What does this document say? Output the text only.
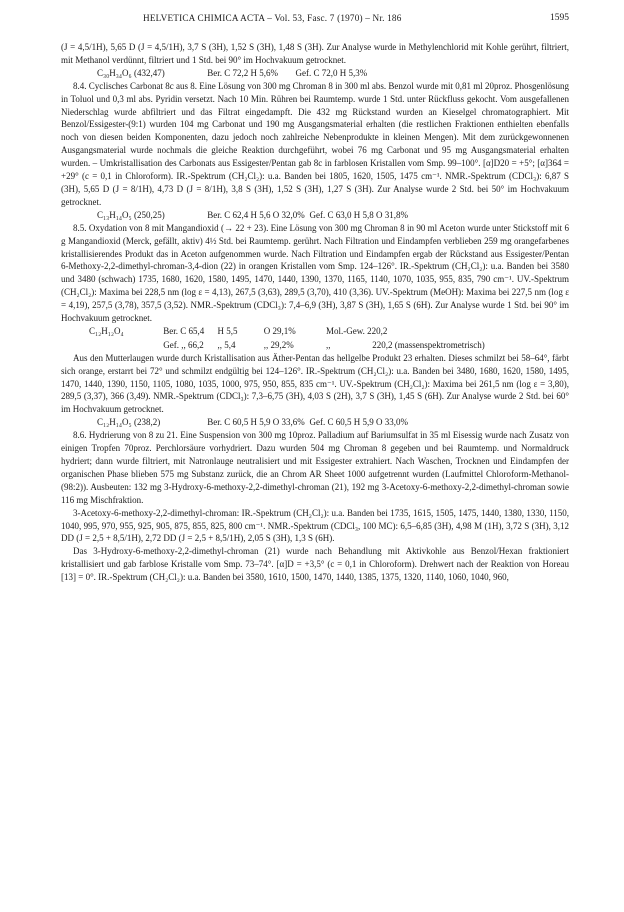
HELVETICA CHIMICA ACTA – Vol. 53, Fasc. 7 (1970) – Nr. 186	1595

(J = 4,5/1H), 5,65 D (J = 4,5/1H), 3,7 S (3H), 1,52 S (3H), 1,48 S (3H). Zur Analyse wurde in Methylenchlorid mit Kohle gerührt, filtriert, mit Methanol verdünnt, filtriert und 1 Std. bei 90° im Hochvakuum getrocknet.

C₃₀H₃₄O₆ (432,47)	Ber. C 72,2 H 5,6% Gef. C 72,0 H 5,3%

8.4. Cyclisches Carbonat 8c aus 8. Eine Lösung von 300 mg Chroman 8 in 300 ml abs. Benzol wurde mit 0,81 ml 20proz. Phosgenlösung in Toluol und 0,3 ml abs. Pyridin versetzt. Nach 10 Min. Rühren bei Raumtemp. wurde 1 Std. unter Rückfluss gekocht. Vom ausgefallenen Niederschlag wurde abfiltriert und das Filtrat eingedampft. Die 432 mg Rückstand wurden an Kieselgel chromatographiert. Mit Benzol/Essigester-(9:1) wurden 104 mg Carbonat und 190 mg Ausgangsmaterial erhalten (die restlichen Fraktionen enthielten ebenfalls noch von diesen beiden Komponenten, dazu jedoch noch zahlreiche Nebenprodukte in kleinen Mengen). Mit dem zurückgewonnenen Ausgangsmaterial wurde nochmals die gleiche Reaktion durchgeführt, wobei 76 mg Carbonat und 95 mg Ausgangsmaterial erhalten wurden. – Umkristallisation des Carbonats aus Essigester/Pentan gab 8c in farblosen Kristallen vom Smp. 99–100°. [α]D20 = +5°; [α]364 = +29° (c = 0,1 in Chloroform). IR.-Spektrum (CH₂Cl₂): u.a. Banden bei 1805, 1620, 1505, 1475 cm⁻¹. NMR.-Spektrum (CDCl₃): 6,87 S (3H), 5,65 D (J = 8/1H), 4,73 D (J = 8/1H), 3,8 S (3H), 1,52 S (3H), 1,27 S (3H). Zur Analyse wurde 2 Std. bei 50° im Hochvakuum getrocknet.

C₁₃H₁₄O₅ (250,25)	Ber. C 62,4 H 5,6 O 32,0% Gef. C 63,0 H 5,8 O 31,8%

8.5. Oxydation von 8 mit Mangandioxid (→ 22 + 23). Eine Lösung von 300 mg Chroman 8 in 90 ml Aceton wurde unter Stickstoff mit 6 g Mangandioxid (Merck, gefällt, aktiv) 4½ Std. bei Raumtemp. gerührt. Nach Filtration und Eindampfen verblieben 259 mg orangefarbenes kristallisierendes Produkt das in Aceton aufgenommen wurde. Nach Filtration und Eindampfen ergab der Rückstand aus Essigester/Pentan 6-Methoxy-2,2-dimethyl-chroman-3,4-dion (22) in orangen Kristallen vom Smp. 124–126°. IR.-Spektrum (CH₂Cl₂): u.a. Banden bei 3580 und 3480 (schwach) 1735, 1680, 1620, 1580, 1495, 1470, 1440, 1390, 1370, 1165, 1140, 1070, 1035, 955, 835, 790 cm⁻¹. UV.-Spektrum (CH₂Cl₂): Maxima bei 228,5 nm (log ε = 4,13), 267,5 (3,63), 289,5 (3,70), 410 (3,36). UV.-Spektrum (MeOH): Maxima bei 227,5 nm (log ε = 4,19), 257,5 (3,78), 357,5 (3,52). NMR.-Spektrum (CDCl₃): 7,4–6,9 (3H), 3,87 S (3H), 1,65 S (6H). Zur Analyse wurde 1 Std. bei 90° im Hochvakuum getrocknet.

C₁₂H₁₂O₄	Ber. C 65,4 H 5,5	O 29,1%	Mol.-Gew. 220,2
Gef. ,, 66,2 ,, 5,4	,, 29,2%	,,	220,2 (massenspektrometrisch)

Aus den Mutterlaugen wurde durch Kristallisation aus Äther-Pentan das hellgelbe Produkt 23 erhalten. Dieses schmilzt bei 58–64°, färbt sich orange, erstarrt bei 72° und schmilzt endgültig bei 124–126°. IR.-Spektrum (CH₂Cl₂): u.a. Banden bei 3480, 1680, 1620, 1580, 1495, 1470, 1440, 1390, 1150, 1105, 1080, 1035, 1000, 975, 950, 855, 835 cm⁻¹. UV.-Spektrum (CH₂Cl₂): Maxima bei 261,5 nm (log ε = 3,80), 289,5 (3,37), 366 (3,49). NMR.-Spektrum (CDCl₃): 7,3–6,75 (3H), 4,03 S (2H), 3,7 S (3H), 1,45 S (6H). Zur Analyse wurde 2 Std. bei 60° im Hochvakuum getrocknet.

C₁₂H₁₄O₅ (238,2)	Ber. C 60,5 H 5,9 O 33,6% Gef. C 60,5 H 5,9 O 33,0%

8.6. Hydrierung von 8 zu 21. Eine Suspension von 300 mg 10proz. Palladium auf Bariumsulfat in 35 ml Eisessig wurde nach Zusatz von einigen Tropfen 70proz. Perchlorsäure vorhydriert. Dazu wurden 504 mg Chroman 8 gegeben und bei Raumtemp. und Normaldruck hydriert; dann wurde filtriert, mit Natronlauge neutralisiert und mit Essigester extrahiert. Nach Waschen, Trocknen und Eindampfen der organischen Phase blieben 575 mg Substanz zurück, die an Chrom AR Sheet 1000 aufgetrennt wurden (Laufmittel Chloroform-Methanol-(98:2)). Ausbeuten: 132 mg 3-Hydroxy-6-methoxy-2,2-dimethyl-chroman (21), 192 mg 3-Acetoxy-6-methoxy-2,2-dimethyl-chroman sowie 116 mg Mischfraktion.

3-Acetoxy-6-methoxy-2,2-dimethyl-chroman: IR.-Spektrum (CH₂Cl₂): u.a. Banden bei 1735, 1615, 1505, 1475, 1440, 1380, 1330, 1150, 1040, 995, 970, 955, 925, 905, 875, 855, 825, 800 cm⁻¹. NMR.-Spektrum (CDCl₃, 100 MC): 6,5–6,85 (3H), 4,98 M (1H), 3,72 S (3H), 3,12 DD (J = 2,5 + 8,5/1H), 2,72 DD (J = 2,5 + 8,5/1H), 2,05 S (3H), 1,3 S (6H).

Das 3-Hydroxy-6-methoxy-2,2-dimethyl-chroman (21) wurde nach Behandlung mit Aktivkohle aus Benzol/Hexan fraktioniert kristallisiert und gab farblose Kristalle vom Smp. 73–74°. [α]D = +3,5° (c = 0,1 in Chloroform). Drehwert nach der Reaktion von Horeau [13] = 0°. IR.-Spektrum (CH₂Cl₂): u.a. Banden bei 3580, 1610, 1500, 1470, 1440, 1385, 1375, 1320, 1140, 1060, 1040, 960,
